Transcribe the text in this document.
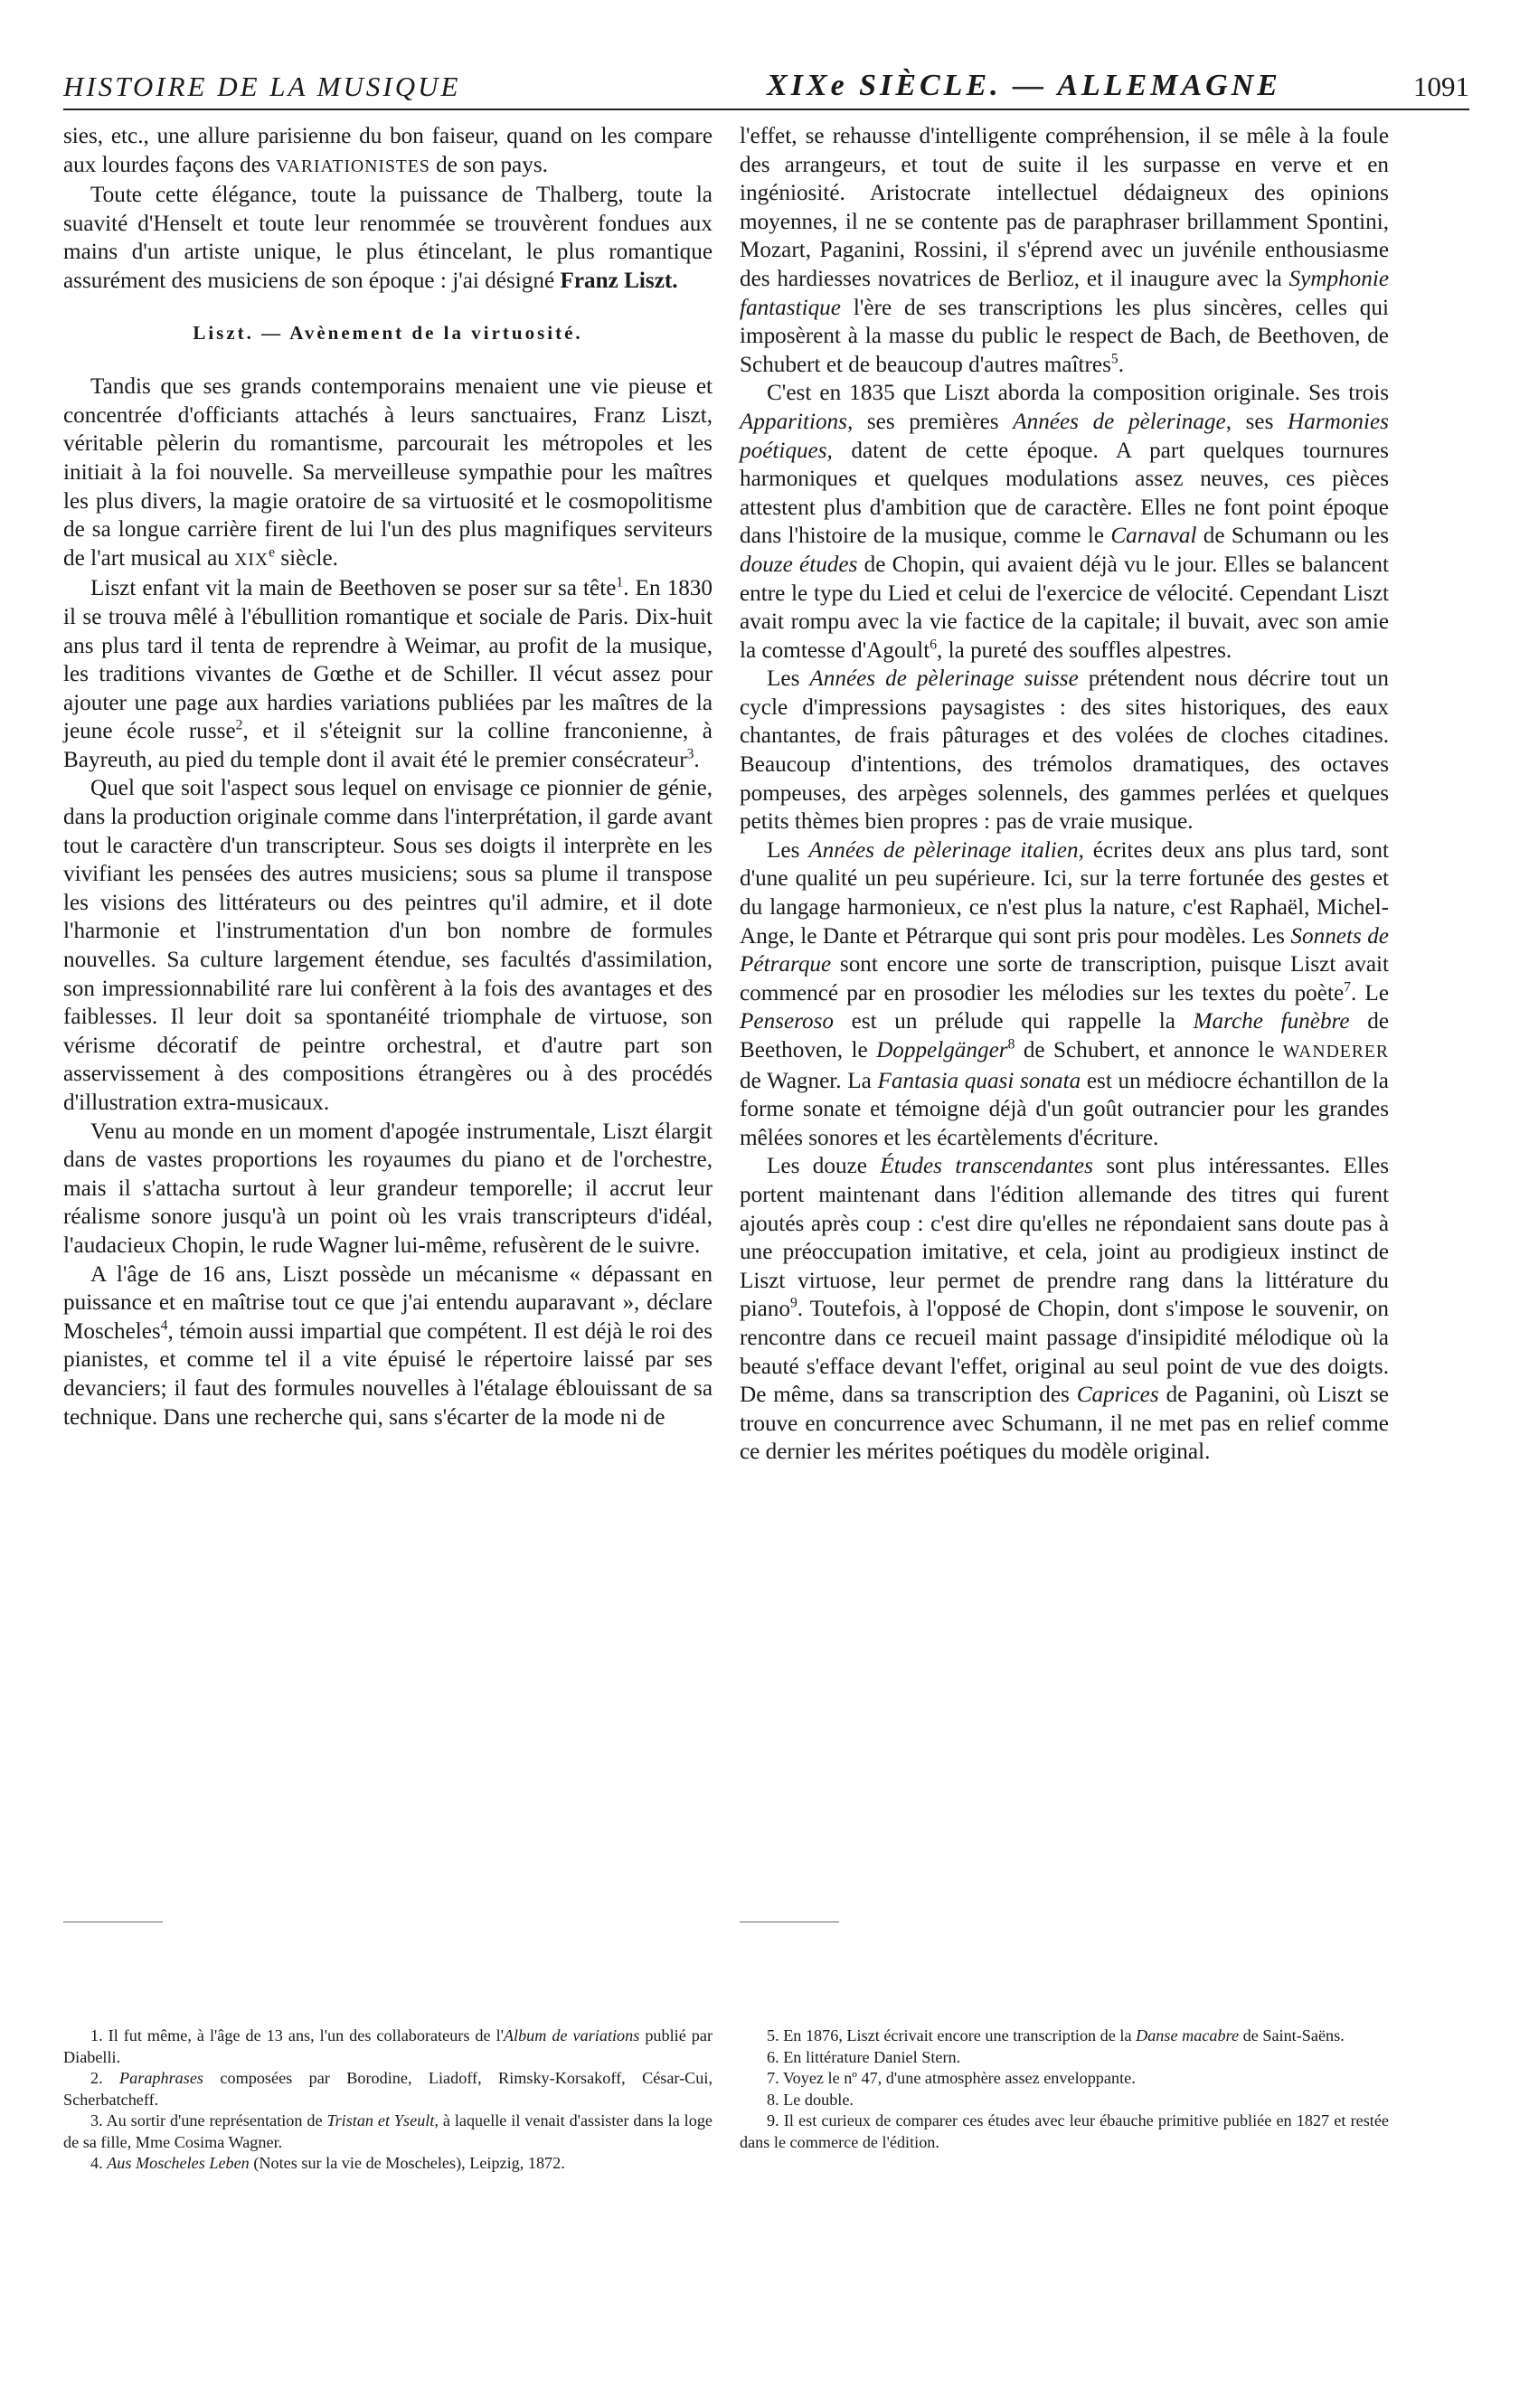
HISTOIRE DE LA MUSIQUE	XIXe SIÈCLE. — ALLEMAGNE	1091

sies, etc., une allure parisienne du bon faiseur, quand on les compare aux lourdes façons des VARIATIONISTES de son pays.

Toute cette élégance, toute la puissance de Thalberg, toute la suavité d'Henselt et toute leur renommée se trouvèrent fondues aux mains d'un artiste unique, le plus étincelant, le plus romantique assurément des musiciens de son époque : j'ai désigné Franz Liszt.

Liszt. — Avènement de la virtuosité.

Tandis que ses grands contemporains menaient une vie pieuse et concentrée d'officiants attachés à leurs sanctuaires, Franz Liszt, véritable pèlerin du romantisme, parcourait les métropoles et les initiait à la foi nouvelle. Sa merveilleuse sympathie pour les maîtres les plus divers, la magie oratoire de sa virtuosité et le cosmopolitisme de sa longue carrière firent de lui l'un des plus magnifiques serviteurs de l'art musical au XIXe siècle.

Liszt enfant vit la main de Beethoven se poser sur sa tête$^1$. En 1830 il se trouva mêlé à l'ébullition romantique et sociale de Paris. Dix-huit ans plus tard il tenta de reprendre à Weimar, au profit de la musique, les traditions vivantes de Gœthe et de Schiller. Il vécut assez pour ajouter une page aux hardies variations publiées par les maîtres de la jeune école russe$^2$, et il s'éteignit sur la colline franconienne, à Bayreuth, au pied du temple dont il avait été le premier consécrateur$^3$.

Quel que soit l'aspect sous lequel on envisage ce pionnier de génie, dans la production originale comme dans l'interprétation, il garde avant tout le caractère d'un transcripteur. Sous ses doigts il interprète en les vivifiant les pensées des autres musiciens; sous sa plume il transpose les visions des littérateurs ou des peintres qu'il admire, et il dote l'harmonie et l'instrumentation d'un bon nombre de formules nouvelles. Sa culture largement étendue, ses facultés d'assimilation, son impressionnabilité rare lui confèrent à la fois des avantages et des faiblesses. Il leur doit sa spontanéité triomphale de virtuose, son vérisme décoratif de peintre orchestral, et d'autre part son asservissement à des compositions étrangères ou à des procédés d'illustration extra-musicaux.

Venu au monde en un moment d'apogée instrumentale, Liszt élargit dans de vastes proportions les royaumes du piano et de l'orchestre, mais il s'attacha surtout à leur grandeur temporelle; il accrut leur réalisme sonore jusqu'à un point où les vrais transcripteurs d'idéal, l'audacieux Chopin, le rude Wagner lui-même, refusèrent de le suivre.

A l'âge de 16 ans, Liszt possède un mécanisme « dépassant en puissance et en maîtrise tout ce que j'ai entendu auparavant », déclare Moscheles$^4$, témoin aussi impartial que compétent. Il est déjà le roi des pianistes, et comme tel il a vite épuisé le répertoire laissé par ses devanciers; il faut des formules nouvelles à l'étalage éblouissant de sa technique. Dans une recherche qui, sans s'écarter de la mode ni de

l'effet, se rehausse d'intelligente compréhension, il se mêle à la foule des arrangeurs, et tout de suite il les surpasse en verve et en ingéniosité. Aristocrate intellectuel dédaigneux des opinions moyennes, il ne se contente pas de paraphraser brillamment Spontini, Mozart, Paganini, Rossini, il s'éprend avec un juvénile enthousiasme des hardiesses novatrices de Berlioz, et il inaugure avec la Symphonie fantastique l'ère de ses transcriptions les plus sincères, celles qui imposèrent à la masse du public le respect de Bach, de Beethoven, de Schubert et de beaucoup d'autres maîtres$^5$.

C'est en 1835 que Liszt aborda la composition originale. Ses trois Apparitions, ses premières Années de pèlerinage, ses Harmonies poétiques, datent de cette époque. A part quelques tournures harmoniques et quelques modulations assez neuves, ces pièces attestent plus d'ambition que de caractère. Elles ne font point époque dans l'histoire de la musique, comme le Carnaval de Schumann ou les douze études de Chopin, qui avaient déjà vu le jour. Elles se balancent entre le type du Lied et celui de l'exercice de vélocité. Cependant Liszt avait rompu avec la vie factice de la capitale; il buvait, avec son amie la comtesse d'Agoult$^6$, la pureté des souffles alpestres.

Les Années de pèlerinage suisse prétendent nous décrire tout un cycle d'impressions paysagistes : des sites historiques, des eaux chantantes, de frais pâturages et des volées de cloches citadines. Beaucoup d'intentions, des trémolos dramatiques, des octaves pompeuses, des arpèges solennels, des gammes perlées et quelques petits thèmes bien propres : pas de vraie musique.

Les Années de pèlerinage italien, écrites deux ans plus tard, sont d'une qualité un peu supérieure. Ici, sur la terre fortunée des gestes et du langage harmonieux, ce n'est plus la nature, c'est Raphaël, Michel-Ange, le Dante et Pétrarque qui sont pris pour modèles. Les Sonnets de Pétrarque sont encore une sorte de transcription, puisque Liszt avait commencé par en prosodier les mélodies sur les textes du poète$^7$. Le Penseroso est un prélude qui rappelle la Marche funèbre de Beethoven, le Doppelgänger$^8$ de Schubert, et annonce le WANDERER de Wagner. La Fantasia quasi sonata est un médiocre échantillon de la forme sonate et témoigne déjà d'un goût outrancier pour les grandes mêlées sonores et les écartèlements d'écriture.

Les douze Études transcendantes sont plus intéressantes. Elles portent maintenant dans l'édition allemande des titres qui furent ajoutés après coup : c'est dire qu'elles ne répondaient sans doute pas à une préoccupation imitative, et cela, joint au prodigieux instinct de Liszt virtuose, leur permet de prendre rang dans la littérature du piano$^9$. Toutefois, à l'opposé de Chopin, dont s'impose le souvenir, on rencontre dans ce recueil maint passage d'insipidité mélodique où la beauté s'efface devant l'effet, original au seul point de vue des doigts. De même, dans sa transcription des Caprices de Paganini, où Liszt se trouve en concurrence avec Schumann, il ne met pas en relief comme ce dernier les mérites poétiques du modèle original.

1. Il fut même, à l'âge de 13 ans, l'un des collaborateurs de l'Album de variations publié par Diabelli.

2. Paraphrases composées par Borodine, Liadoff, Rimsky-Korsakoff, César-Cui, Scherbatcheff.

3. Au sortir d'une représentation de Tristan et Yseult, à laquelle il venait d'assister dans la loge de sa fille, Mme Cosima Wagner.

4. Aus Moscheles Leben (Notes sur la vie de Moscheles), Leipzig, 1872.

5. En 1876, Liszt écrivait encore une transcription de la Danse macabre de Saint-Saëns.

6. En littérature Daniel Stern.

7. Voyez le nº 47, d'une atmosphère assez enveloppante.

8. Le double.

9. Il est curieux de comparer ces études avec leur ébauche primitive publiée en 1827 et restée dans le commerce de l'édition.
